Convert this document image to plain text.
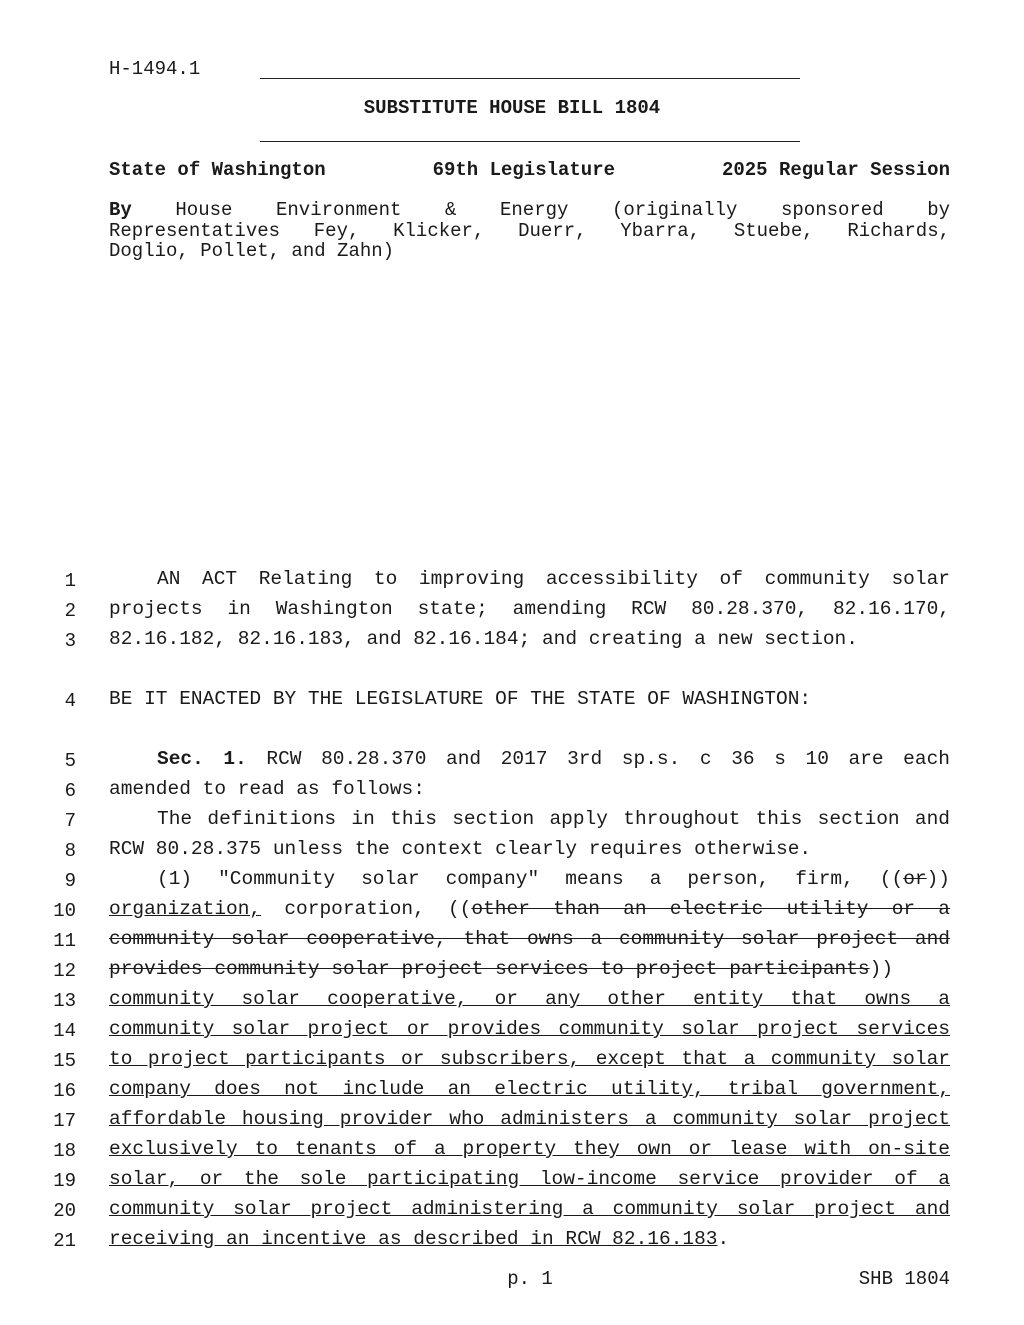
H-1494.1
SUBSTITUTE HOUSE BILL 1804
State of Washington	69th Legislature	2025 Regular Session
By House Environment & Energy (originally sponsored by
Representatives Fey, Klicker, Duerr, Ybarra, Stuebe, Richards,
Doglio, Pollet, and Zahn)
1
2
3
4
5
6
7
8
9
10
11
12
13
14
15
16
17
18
19
20
21
AN ACT Relating to improving accessibility of community solar
projects in Washington state; amending RCW 80.28.370, 82.16.170,
82.16.182, 82.16.183, and 82.16.184; and creating a new section.
BE IT ENACTED BY THE LEGISLATURE OF THE STATE OF WASHINGTON:
Sec. 1. RCW 80.28.370 and 2017 3rd sp.s. c 36 s 10 are each
amended to read as follows:
The definitions in this section apply throughout this section and
RCW 80.28.375 unless the context clearly requires otherwise.
(1) "Community solar company" means a person, firm, ((or))
organization, corporation, ((other than an electric utility or a
community solar cooperative, that owns a community solar project and
provides community solar project services to project participants))
community solar cooperative, or any other entity that owns a
community solar project or provides community solar project services
to project participants or subscribers, except that a community solar
company does not include an electric utility, tribal government,
affordable housing provider who administers a community solar project
exclusively to tenants of a property they own or lease with on-site
solar, or the sole participating low-income service provider of a
community solar project administering a community solar project and
receiving an incentive as described in RCW 82.16.183.
p. 1	SHB 1804
